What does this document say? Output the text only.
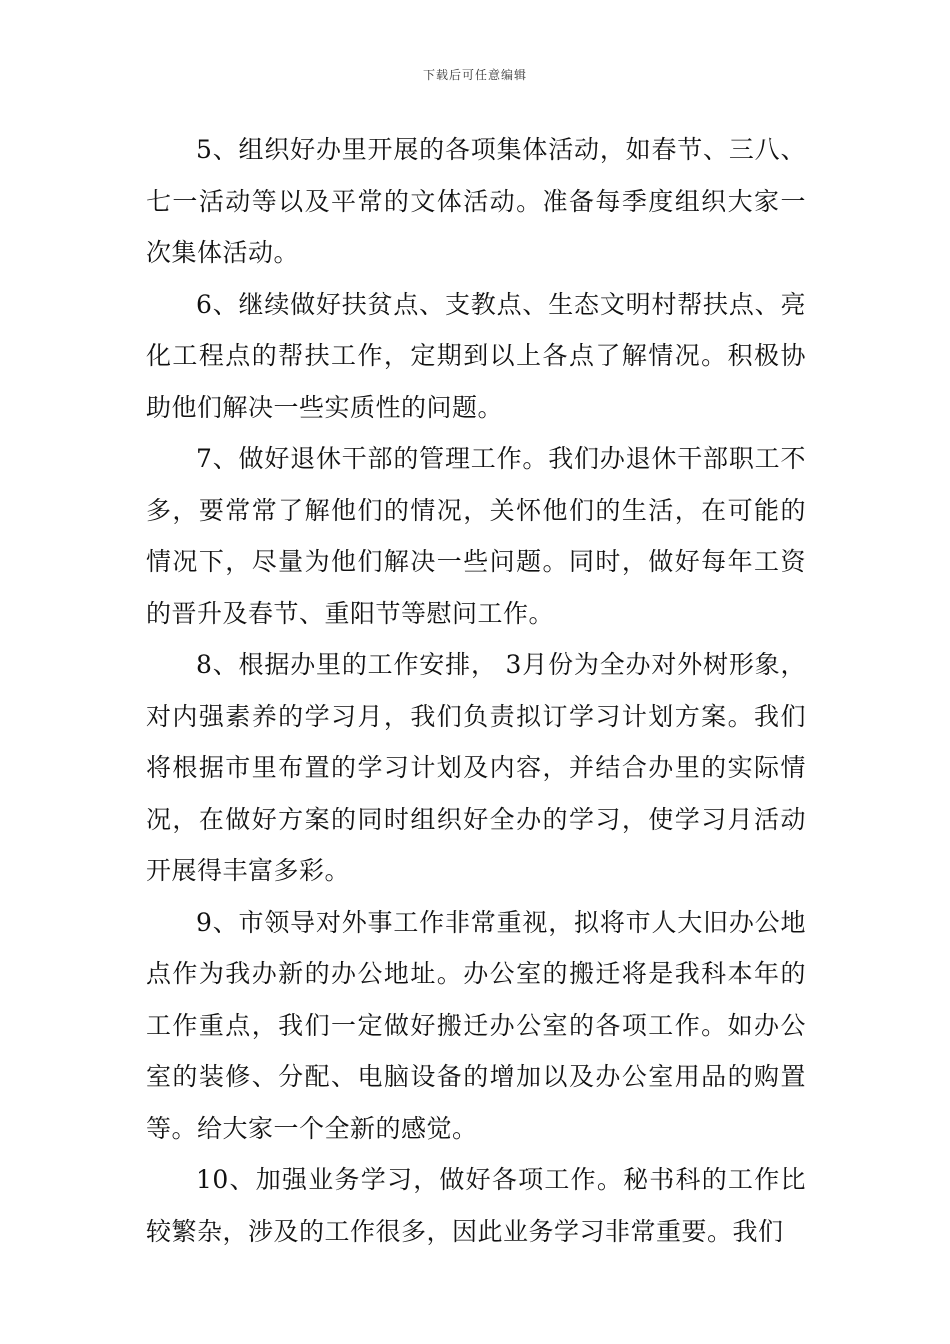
下载后可任意编辑

5、组织好办里开展的各项集体活动，如春节、三八、七一活动等以及平常的文体活动。准备每季度组织大家一次集体活动。

6、继续做好扶贫点、支教点、生态文明村帮扶点、亮化工程点的帮扶工作，定期到以上各点了解情况。积极协助他们解决一些实质性的问题。

7、做好退休干部的管理工作。我们办退休干部职工不多，要常常了解他们的情况，关怀他们的生活，在可能的情况下，尽量为他们解决一些问题。同时，做好每年工资的晋升及春节、重阳节等慰问工作。

8、根据办里的工作安排， 3月份为全办对外树形象，对内强素养的学习月，我们负责拟订学习计划方案。我们将根据市里布置的学习计划及内容，并结合办里的实际情况，在做好方案的同时组织好全办的学习，使学习月活动开展得丰富多彩。

9、市领导对外事工作非常重视，拟将市人大旧办公地点作为我办新的办公地址。办公室的搬迁将是我科本年的工作重点，我们一定做好搬迁办公室的各项工作。如办公室的装修、分配、电脑设备的增加以及办公室用品的购置等。给大家一个全新的感觉。

10、加强业务学习，做好各项工作。秘书科的工作比较繁杂，涉及的工作很多，因此业务学习非常重要。我们
